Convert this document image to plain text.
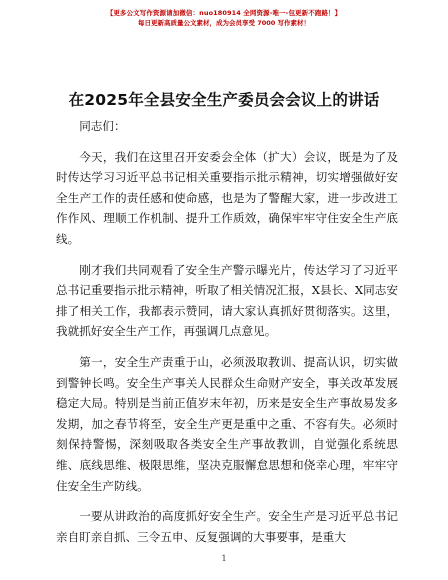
【更多公文写作资源请加微信：nuo180914 全网资源-唯一-包更新不跑路！】
每日更新高质量公文素材，成为会员享受 7000 写作素材！
在2025年全县安全生产委员会会议上的讲话

同志们：

今天，我们在这里召开安委会全体（扩大）会议，既是为了及时传达学习习近平总书记相关重要指示批示精神，切实增强做好安全生产工作的责任感和使命感，也是为了警醒大家，进一步改进工作作风、理顺工作机制、提升工作质效，确保牢牢守住安全生产底线。

刚才我们共同观看了安全生产警示曝光片，传达学习了习近平总书记重要指示批示精神，听取了相关情况汇报，X县长、X同志安排了相关工作，我都表示赞同，请大家认真抓好贯彻落实。这里，我就抓好安全生产工作，再强调几点意见。

第一，安全生产责重于山，必须汲取教训、提高认识，切实做到警钟长鸣。安全生产事关人民群众生命财产安全，事关改革发展稳定大局。特别是当前正值岁末年初，历来是安全生产事故易发多发期，加之春节将至，安全生产更是重中之重、不容有失。必须时刻保持警惕，深刻吸取各类安全生产事故教训，自觉强化系统思维、底线思维、极限思维，坚决克服懈怠思想和侥幸心理，牢牢守住安全生产防线。

一要从讲政治的高度抓好安全生产。安全生产是习近平总书记亲自盯亲自抓、三令五申、反复强调的大事要事，是重大

1
